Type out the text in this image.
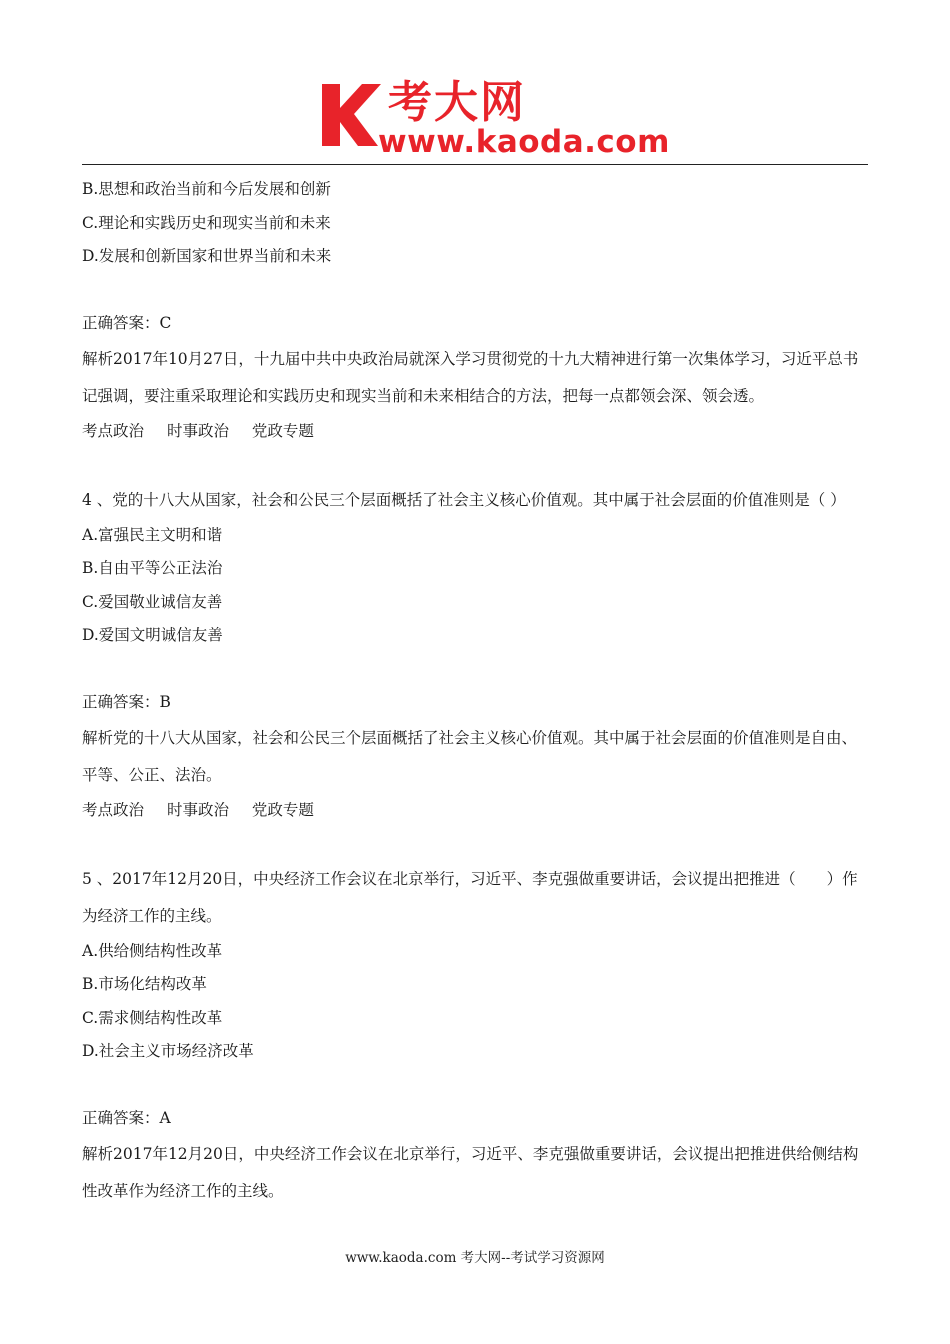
考大网
www.kaoda.com
B.思想和政治当前和今后发展和创新
C.理论和实践历史和现实当前和未来
D.发展和创新国家和世界当前和未来
正确答案：C
解析2017年10月27日，十九届中共中央政治局就深入学习贯彻党的十九大精神进行第一次集体学习，习近平总书记强调，要注重采取理论和实践历史和现实当前和未来相结合的方法，把每一点都领会深、领会透。
考点政治 时事政治 党政专题
4 、党的十八大从国家，社会和公民三个层面概括了社会主义核心价值观。其中属于社会层面的价值准则是（ ）
A.富强民主文明和谐
B.自由平等公正法治
C.爱国敬业诚信友善
D.爱国文明诚信友善
正确答案：B
解析党的十八大从国家，社会和公民三个层面概括了社会主义核心价值观。其中属于社会层面的价值准则是自由、平等、公正、法治。
考点政治 时事政治 党政专题
5 、2017年12月20日，中央经济工作会议在北京举行，习近平、李克强做重要讲话，会议提出把推进（　　）作为经济工作的主线。
A.供给侧结构性改革
B.市场化结构改革
C.需求侧结构性改革
D.社会主义市场经济改革
正确答案：A
解析2017年12月20日，中央经济工作会议在北京举行，习近平、李克强做重要讲话，会议提出把推进供给侧结构性改革作为经济工作的主线。
www.kaoda.com 考大网--考试学习资源网
